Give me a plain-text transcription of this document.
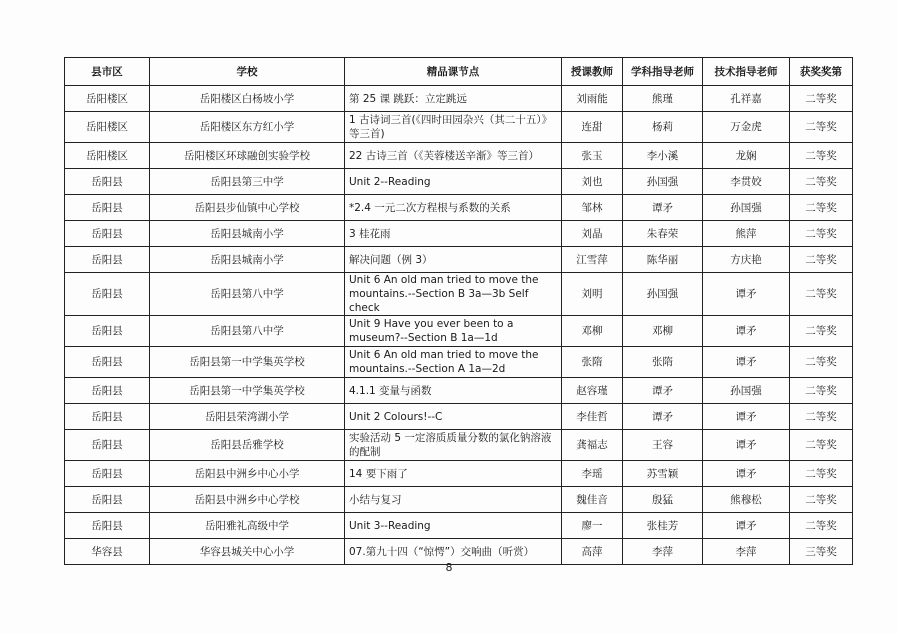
县市区	学校	精品课节点	授课教师	学科指导老师	技术指导老师	获奖奖第
岳阳楼区	岳阳楼区白杨坡小学	第 25 课 跳跃：立定跳远	刘雨能	熊瑾	孔祥嘉	二等奖
岳阳楼区	岳阳楼区东方红小学	1 古诗词三首(《四时田园杂兴（其二十五）》等三首)	连甜	杨莉	万金虎	二等奖
岳阳楼区	岳阳楼区环球融创实验学校	22 古诗三首（《芙蓉楼送辛渐》等三首）	张玉	李小溪	龙娴	二等奖
岳阳县	岳阳县第三中学	Unit 2--Reading	刘也	孙国强	李贯姣	二等奖
岳阳县	岳阳县步仙镇中心学校	*2.4 一元二次方程根与系数的关系	邹林	谭矛	孙国强	二等奖
岳阳县	岳阳县城南小学	3 桂花雨	刘晶	朱春荣	熊萍	二等奖
岳阳县	岳阳县城南小学	解决问题（例 3）	江雪萍	陈华丽	方庆艳	二等奖
岳阳县	岳阳县第八中学	Unit 6 An old man tried to move the mountains.--Section B 3a—3b Self check	刘明	孙国强	谭矛	二等奖
岳阳县	岳阳县第八中学	Unit 9 Have you ever been to a museum?--Section B 1a—1d	邓柳	邓柳	谭矛	二等奖
岳阳县	岳阳县第一中学集英学校	Unit 6 An old man tried to move the mountains.--Section A 1a—2d	张隋	张隋	谭矛	二等奖
岳阳县	岳阳县第一中学集英学校	4.1.1 变量与函数	赵容瑾	谭矛	孙国强	二等奖
岳阳县	岳阳县荣湾湖小学	Unit 2 Colours!--C	李佳哲	谭矛	谭矛	二等奖
岳阳县	岳阳县岳雅学校	实验活动 5 一定溶质质量分数的氯化钠溶液的配制	龚福志	王容	谭矛	二等奖
岳阳县	岳阳县中洲乡中心小学	14 要下雨了	李瑶	苏雪颖	谭矛	二等奖
岳阳县	岳阳县中洲乡中心学校	小结与复习	魏佳音	殷猛	熊穆松	二等奖
岳阳县	岳阳雅礼高级中学	Unit 3--Reading	廖一	张桂芳	谭矛	二等奖
华容县	华容县城关中心小学	07.第九十四（“惊愕”）交响曲（听赏）	高萍	李萍	李萍	三等奖
8
